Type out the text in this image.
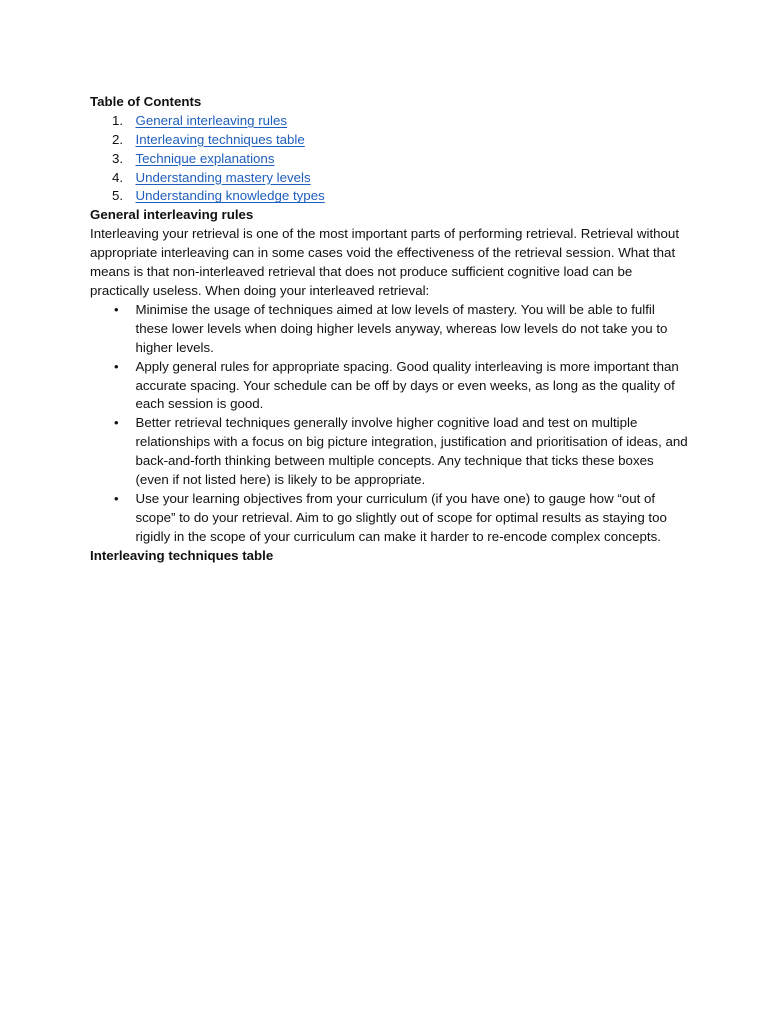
Table of Contents

1. General interleaving rules
2. Interleaving techniques table
3. Technique explanations
4. Understanding mastery levels
5. Understanding knowledge types

General interleaving rules

Interleaving your retrieval is one of the most important parts of performing retrieval. Retrieval without appropriate interleaving can in some cases void the effectiveness of the retrieval session. What that means is that non-interleaved retrieval that does not produce sufficient cognitive load can be practically useless. When doing your interleaved retrieval:

• Minimise the usage of techniques aimed at low levels of mastery. You will be able to fulfil these lower levels when doing higher levels anyway, whereas low levels do not take you to higher levels.
• Apply general rules for appropriate spacing. Good quality interleaving is more important than accurate spacing. Your schedule can be off by days or even weeks, as long as the quality of each session is good.
• Better retrieval techniques generally involve higher cognitive load and test on multiple relationships with a focus on big picture integration, justification and prioritisation of ideas, and back-and-forth thinking between multiple concepts. Any technique that ticks these boxes (even if not listed here) is likely to be appropriate.
• Use your learning objectives from your curriculum (if you have one) to gauge how “out of scope” to do your retrieval. Aim to go slightly out of scope for optimal results as staying too rigidly in the scope of your curriculum can make it harder to re-encode complex concepts.

Interleaving techniques table
